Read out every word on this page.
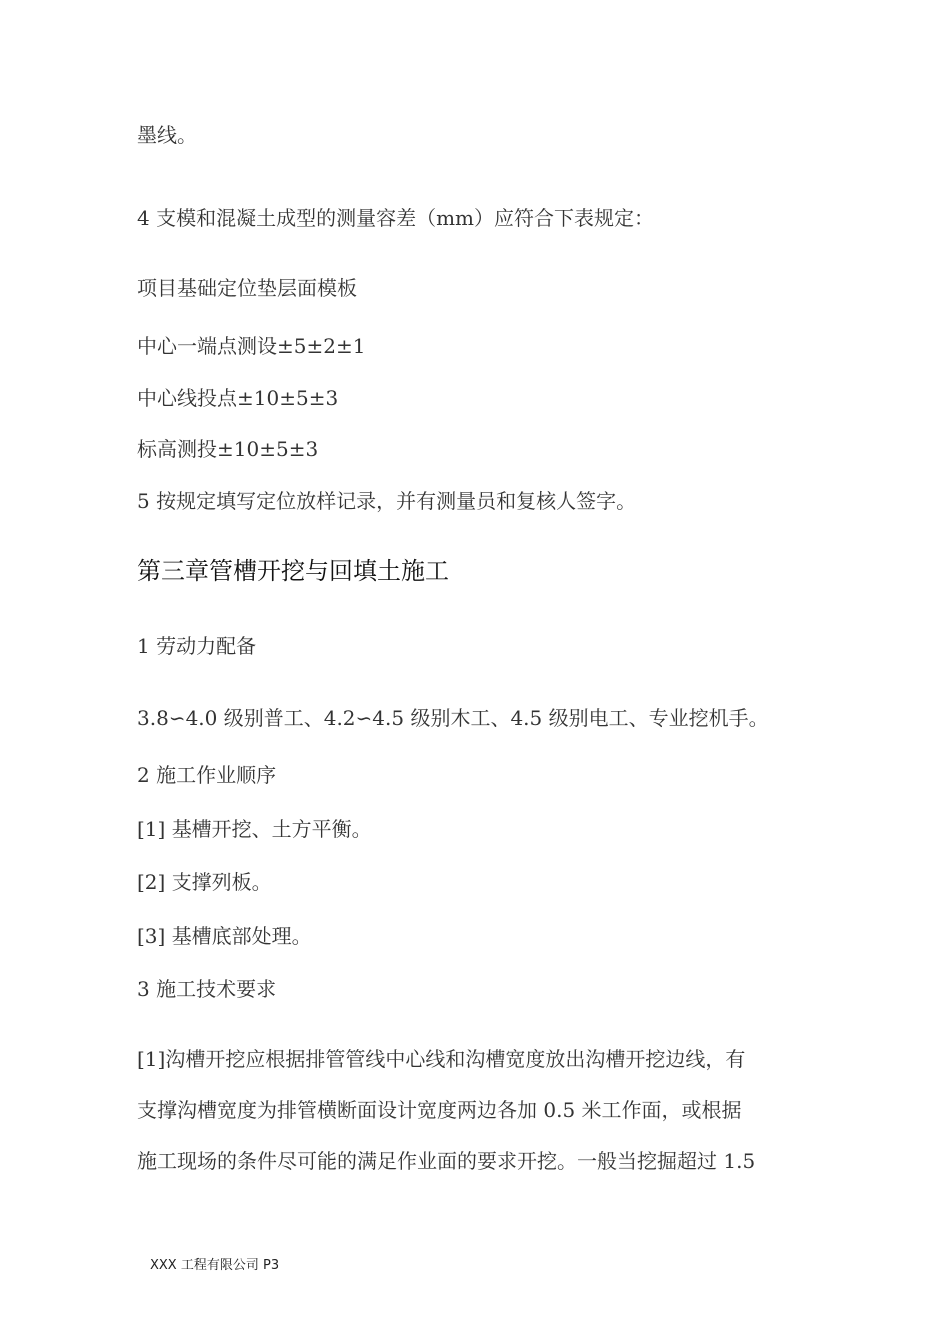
墨线。
4 支模和混凝土成型的测量容差（mm）应符合下表规定：
项目基础定位垫层面模板
中心一端点测设±5±2±1
中心线投点±10±5±3
标高测投±10±5±3
5 按规定填写定位放样记录，并有测量员和复核人签字。
第三章管槽开挖与回填土施工
1 劳动力配备
3.8∽4.0 级别普工、4.2∽4.5 级别木工、4.5 级别电工、专业挖机手。
2 施工作业顺序
[1] 基槽开挖、土方平衡。
[2] 支撑列板。
[3] 基槽底部处理。
3 施工技术要求
[1]沟槽开挖应根据排管管线中心线和沟槽宽度放出沟槽开挖边线，有
支撑沟槽宽度为排管横断面设计宽度两边各加 0.5 米工作面，或根据
施工现场的条件尽可能的满足作业面的要求开挖。一般当挖掘超过 1.5
XXX 工程有限公司 P3
